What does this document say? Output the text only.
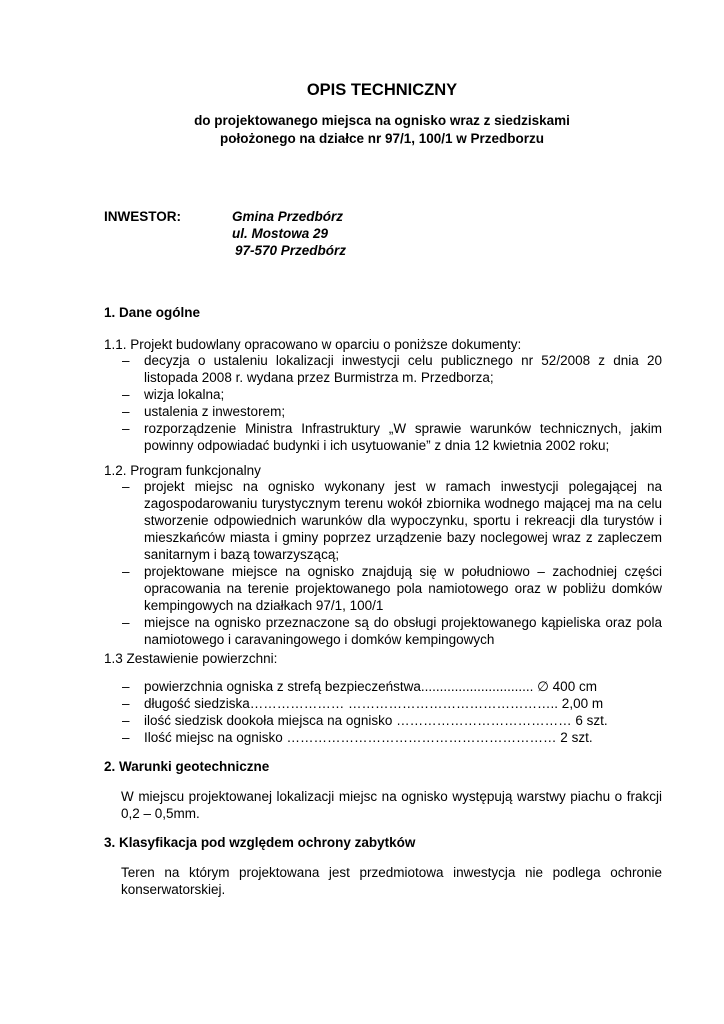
OPIS TECHNICZNY
do projektowanego miejsca na ognisko wraz z siedziskami
położonego na działce nr 97/1, 100/1 w Przedborzu
INWESTOR:	Gmina Przedbórz
ul. Mostowa 29
97-570 Przedbórz
1. Dane ogólne
1.1. Projekt budowlany opracowano w oparciu o poniższe dokumenty:
– decyzja o ustaleniu lokalizacji inwestycji celu publicznego nr 52/2008 z dnia 20 listopada 2008 r. wydana przez Burmistrza m. Przedborza;
– wizja lokalna;
– ustalenia z inwestorem;
– rozporządzenie Ministra Infrastruktury „W sprawie warunków technicznych, jakim powinny odpowiadać budynki i ich usytuowanie” z dnia 12 kwietnia 2002 roku;
1.2. Program funkcjonalny
– projekt miejsc na ognisko wykonany jest w ramach inwestycji polegającej na zagospodarowaniu turystycznym terenu wokół zbiornika wodnego mającej ma na celu stworzenie odpowiednich warunków dla wypoczynku, sportu i rekreacji dla turystów i mieszkańców miasta i gminy poprzez urządzenie bazy noclegowej wraz z zapleczem sanitarnym i bazą towarzyszącą;
– projektowane miejsce na ognisko znajdują się w południowo – zachodniej części opracowania na terenie projektowanego pola namiotowego oraz w pobliżu domków kempingowych na działkach 97/1, 100/1
– miejsce na ognisko przeznaczone są do obsługi projektowanego kąpieliska oraz pola namiotowego i caravaningowego i domków kempingowych
1.3 Zestawienie powierzchni:
– powierzchnia ogniska z strefą bezpieczeństwa.............................. ∅ 400 cm
– długość siedziska………………… ……………………………………….. 2,00 m
– ilość siedzisk dookoła miejsca na ognisko ………………………………… 6 szt.
– Ilość miejsc na ognisko …………………………………………………… 2 szt.
2. Warunki geotechniczne
W miejscu projektowanej lokalizacji miejsc na ognisko występują warstwy piachu o frakcji 0,2 – 0,5mm.
3. Klasyfikacja pod względem ochrony zabytków
Teren na którym projektowana jest przedmiotowa inwestycja nie podlega ochronie konserwatorskiej.
